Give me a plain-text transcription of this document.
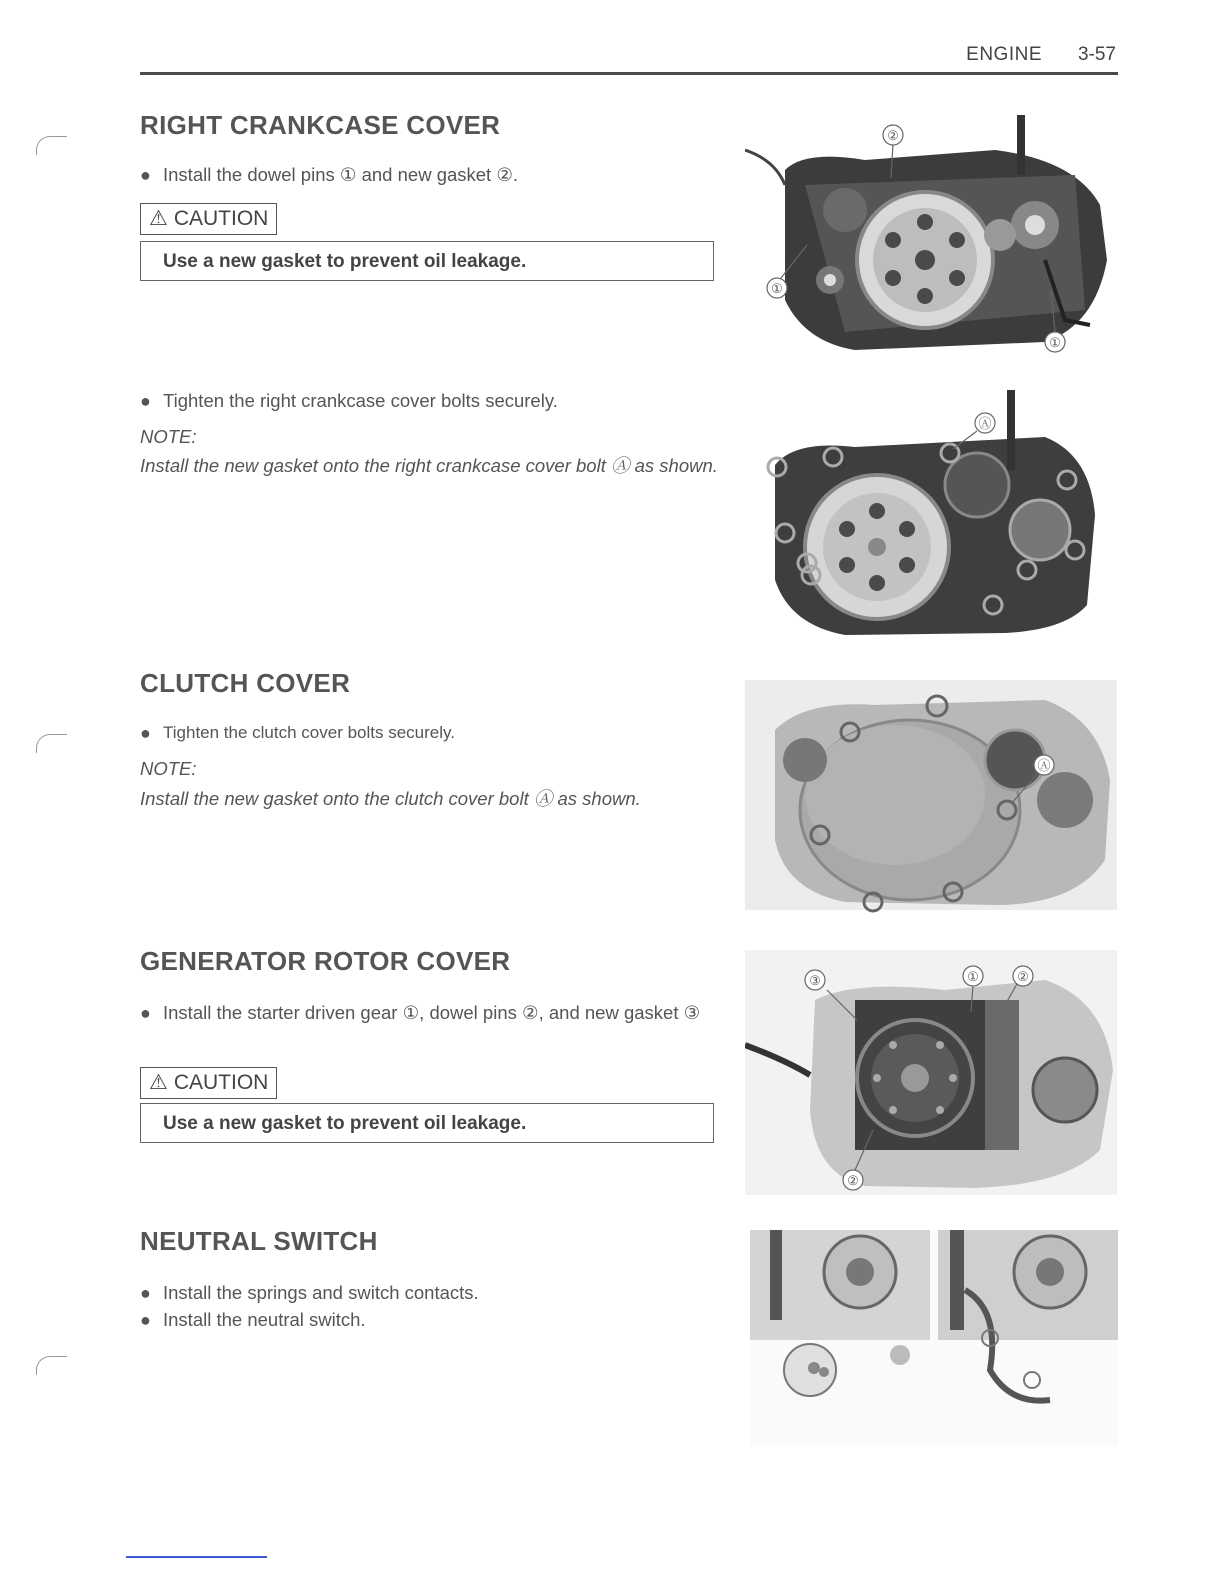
ENGINE 3-57
RIGHT CRANKCASE COVER
● Install the dowel pins ① and new gasket ②.
⚠ CAUTION
Use a new gasket to prevent oil leakage.
● Tighten the right crankcase cover bolts securely.
NOTE:
Install the new gasket onto the right crankcase cover bolt Ⓐ as shown.
CLUTCH COVER
● Tighten the clutch cover bolts securely.
NOTE:
Install the new gasket onto the clutch cover bolt Ⓐ as shown.
GENERATOR ROTOR COVER
● Install the starter driven gear ①, dowel pins ②, and new gasket ③
⚠ CAUTION
Use a new gasket to prevent oil leakage.
NEUTRAL SWITCH
● Install the springs and switch contacts.
● Install the neutral switch.
②
①
①
Ⓐ
Ⓐ
③	①	②
②
